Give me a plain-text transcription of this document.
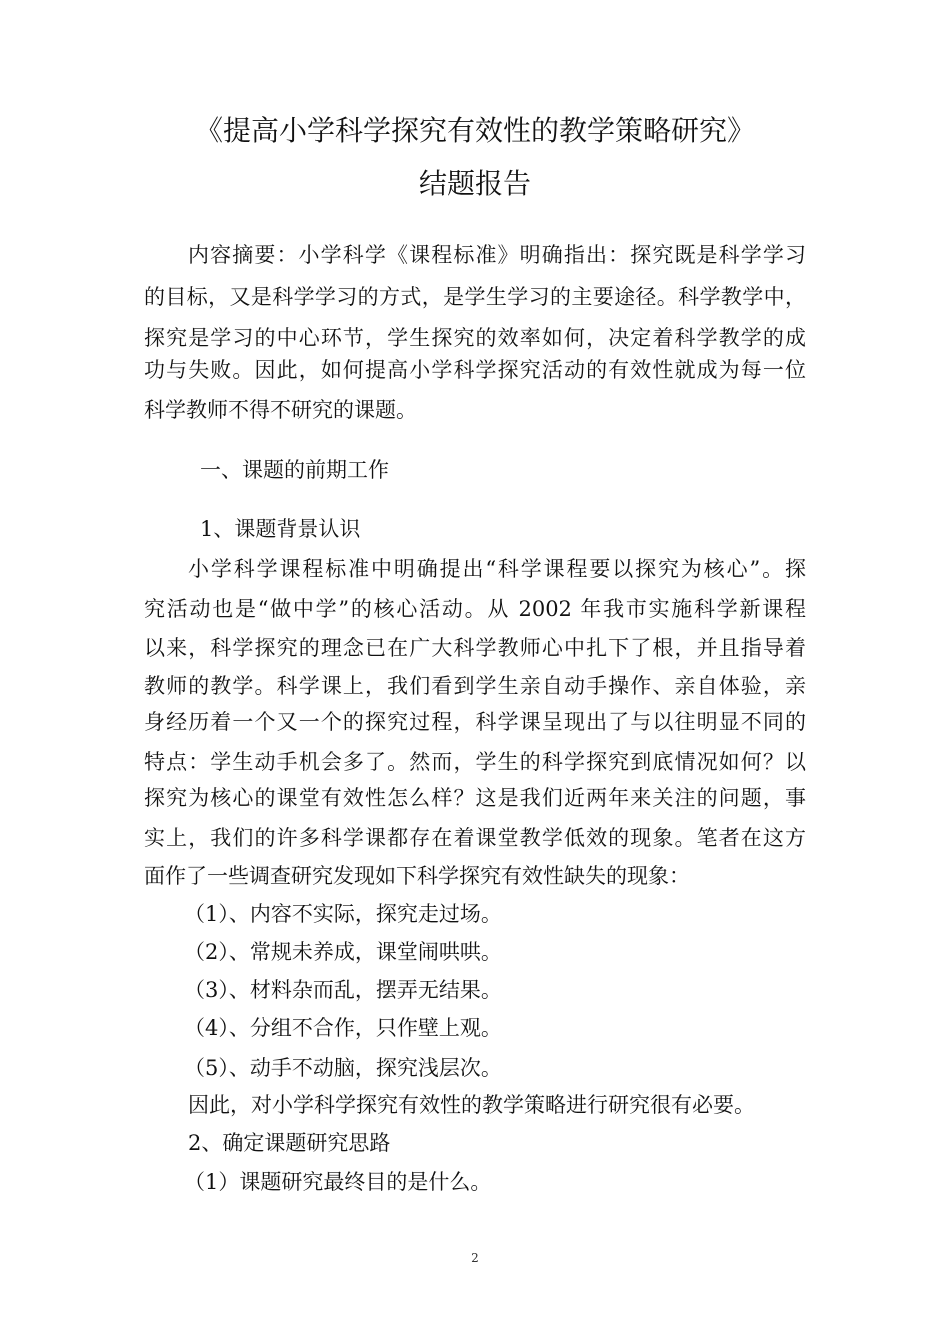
《提高小学科学探究有效性的教学策略研究》
结题报告
内容摘要：小学科学《课程标准》明确指出：探究既是科学学习
的目标，又是科学学习的方式，是学生学习的主要途径。科学教学中，
探究是学习的中心环节，学生探究的效率如何，决定着科学教学的成
功与失败。因此，如何提高小学科学探究活动的有效性就成为每一位
科学教师不得不研究的课题。
一、课题的前期工作
1、课题背景认识
小学科学课程标准中明确提出“科学课程要以探究为核心”。探
究活动也是“做中学”的核心活动。从 2002 年我市实施科学新课程
以来，科学探究的理念已在广大科学教师心中扎下了根，并且指导着
教师的教学。科学课上，我们看到学生亲自动手操作、亲自体验，亲
身经历着一个又一个的探究过程，科学课呈现出了与以往明显不同的
特点：学生动手机会多了。然而，学生的科学探究到底情况如何？以
探究为核心的课堂有效性怎么样？这是我们近两年来关注的问题，事
实上，我们的许多科学课都存在着课堂教学低效的现象。笔者在这方
面作了一些调查研究发现如下科学探究有效性缺失的现象：
（1）、内容不实际，探究走过场。
（2）、常规未养成，课堂闹哄哄。
（3）、材料杂而乱，摆弄无结果。
（4）、分组不合作，只作壁上观。
（5）、动手不动脑，探究浅层次。
因此，对小学科学探究有效性的教学策略进行研究很有必要。
2、确定课题研究思路
（1）课题研究最终目的是什么。
2
